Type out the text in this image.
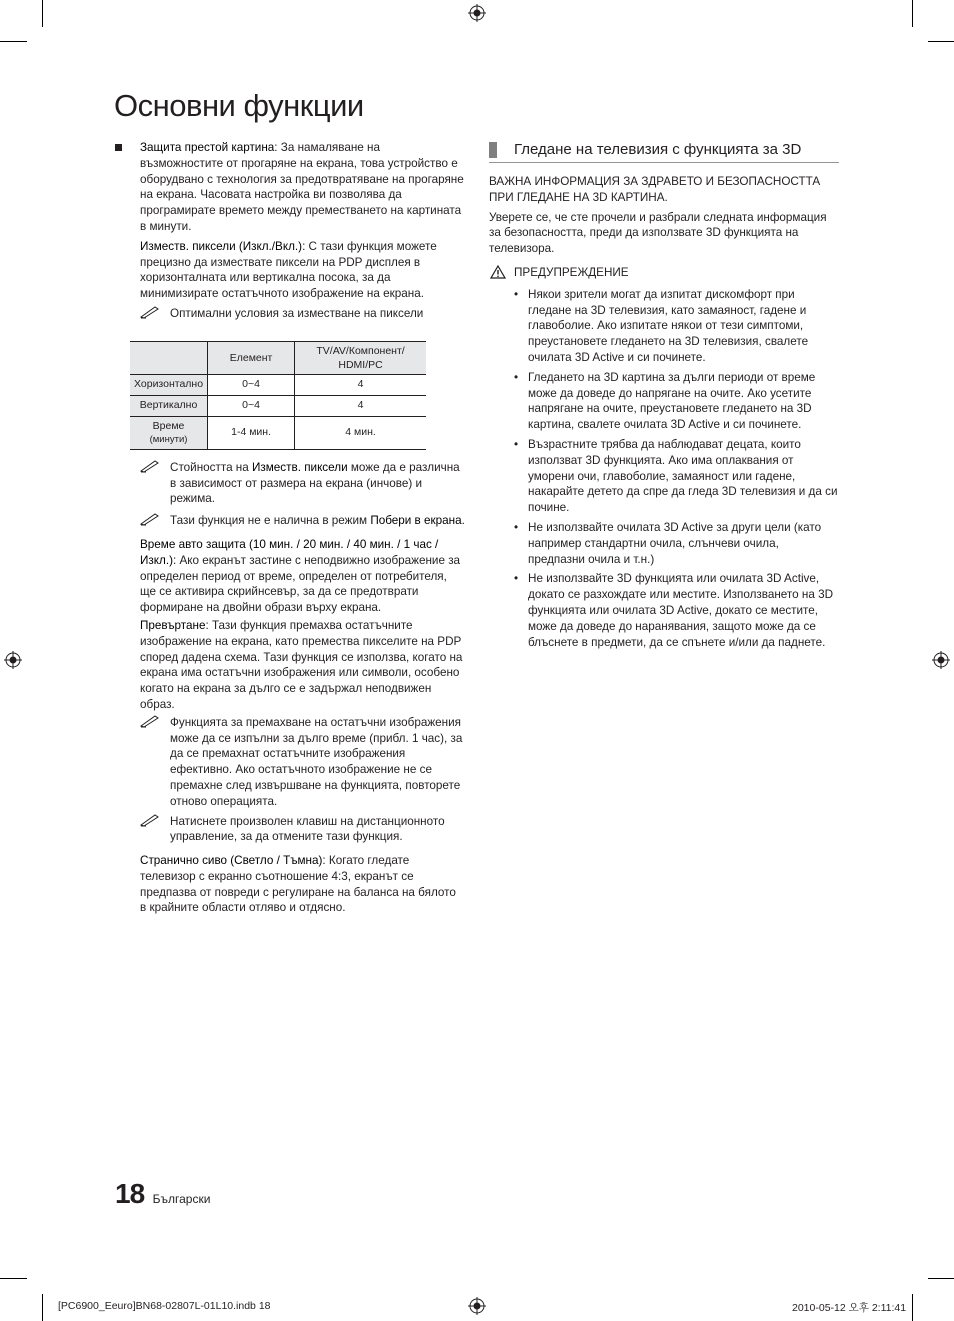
Основни функции

Защита престой картина: За намаляване на възможностите от прогаряне на екрана, това устройство е оборудвано с технология за предотвратяване на прогаряне на екрана. Часовата настройка ви позволява да програмирате времето между преместването на картината в минути.

Изместв. пиксели (Изкл./Вкл.): С тази функция можете прецизно да измествате пиксели на PDP дисплея в хоризонталната или вертикална посока, за да минимизирате остатъчното изображение на екрана.

Оптимални условия за изместване на пиксели
	Елемент	TV/AV/Компонент/ HDMI/PC
Хоризонтално	0~4	4
Вертикално	0~4	4
Време
(минути)	1-4 мин.	4 мин.
Стойността на Изместв. пиксели може да е различна в зависимост от размера на екрана (инчове) и режима.
Тази функция не е налична в режим Побери в екрана.

Време авто защита (10 мин. / 20 мин. / 40 мин. / 1 час / Изкл.): Ако екранът застине с неподвижно изображение за определен период от време, определен от потребителя, ще се активира скрийнсевър, за да се предотврати формиране на двойни образи върху екрана.

Превъртане: Тази функция премахва остатъчните изображение на екрана, като премества пикселите на PDP според дадена схема. Тази функция се използва, когато на екрана има остатъчни изображения или символи, особено когато на екрана за дълго се е задържал неподвижен образ.

Функцията за премахване на остатъчни изображения може да се изпълни за дълго време (прибл. 1 час), за да се премахнат остатъчните изображения ефективно. Ако остатъчното изображение не се премахне след извършване на функцията, повторете отново операцията.
Натиснете произволен клавиш на дистанционното управление, за да отмените тази функция.

Странично сиво (Светло / Тъмна): Когато гледате телевизор с екранно съотношение 4:3, екранът се предпазва от повреди с регулиране на баланса на бялото в крайните области отляво и отдясно.

Гледане на телевизия с функцията за 3D

ВАЖНА ИНФОРМАЦИЯ ЗА ЗДРАВЕТО И БЕЗОПАСНОСТТА ПРИ ГЛЕДАНЕ НА 3D КАРТИНА.

Уверете се, че сте прочели и разбрали следната информация за безопасността, преди да използвате 3D функцията на телевизора.

ПРЕДУПРЕЖДЕНИЕ

• Някои зрители могат да изпитат дискомфорт при гледане на 3D телевизия, като замаяност, гадене и главоболие. Ако изпитате някои от тези симптоми, преустановете гледането на 3D телевизия, свалете очилата 3D Active и си починете.
• Гледането на 3D картина за дълги периоди от време може да доведе до напрягане на очите. Ако усетите напрягане на очите, преустановете гледането на 3D картина, свалете очилата 3D Active и си починете.
• Възрастните трябва да наблюдават децата, които използват 3D функцията. Ако има оплаквания от уморени очи, главоболие, замаяност или гадене, накарайте детето да спре да гледа 3D телевизия и да си почине.
• Не използвайте очилата 3D Active за други цели (като например стандартни очила, слънчеви очила, предпазни очила и т.н.)
• Не използвайте 3D функцията или очилата 3D Active, докато се разхождате или местите. Използването на 3D функцията или очилата 3D Active, докато се местите, може да доведе до наранявания, защото може да се блъснете в предмети, да се спънете и/или да паднете.
18 Български
[PC6900_Eeuro]BN68-02807L-01L10.indb 18	2010-05-12 오후 2:11:41
